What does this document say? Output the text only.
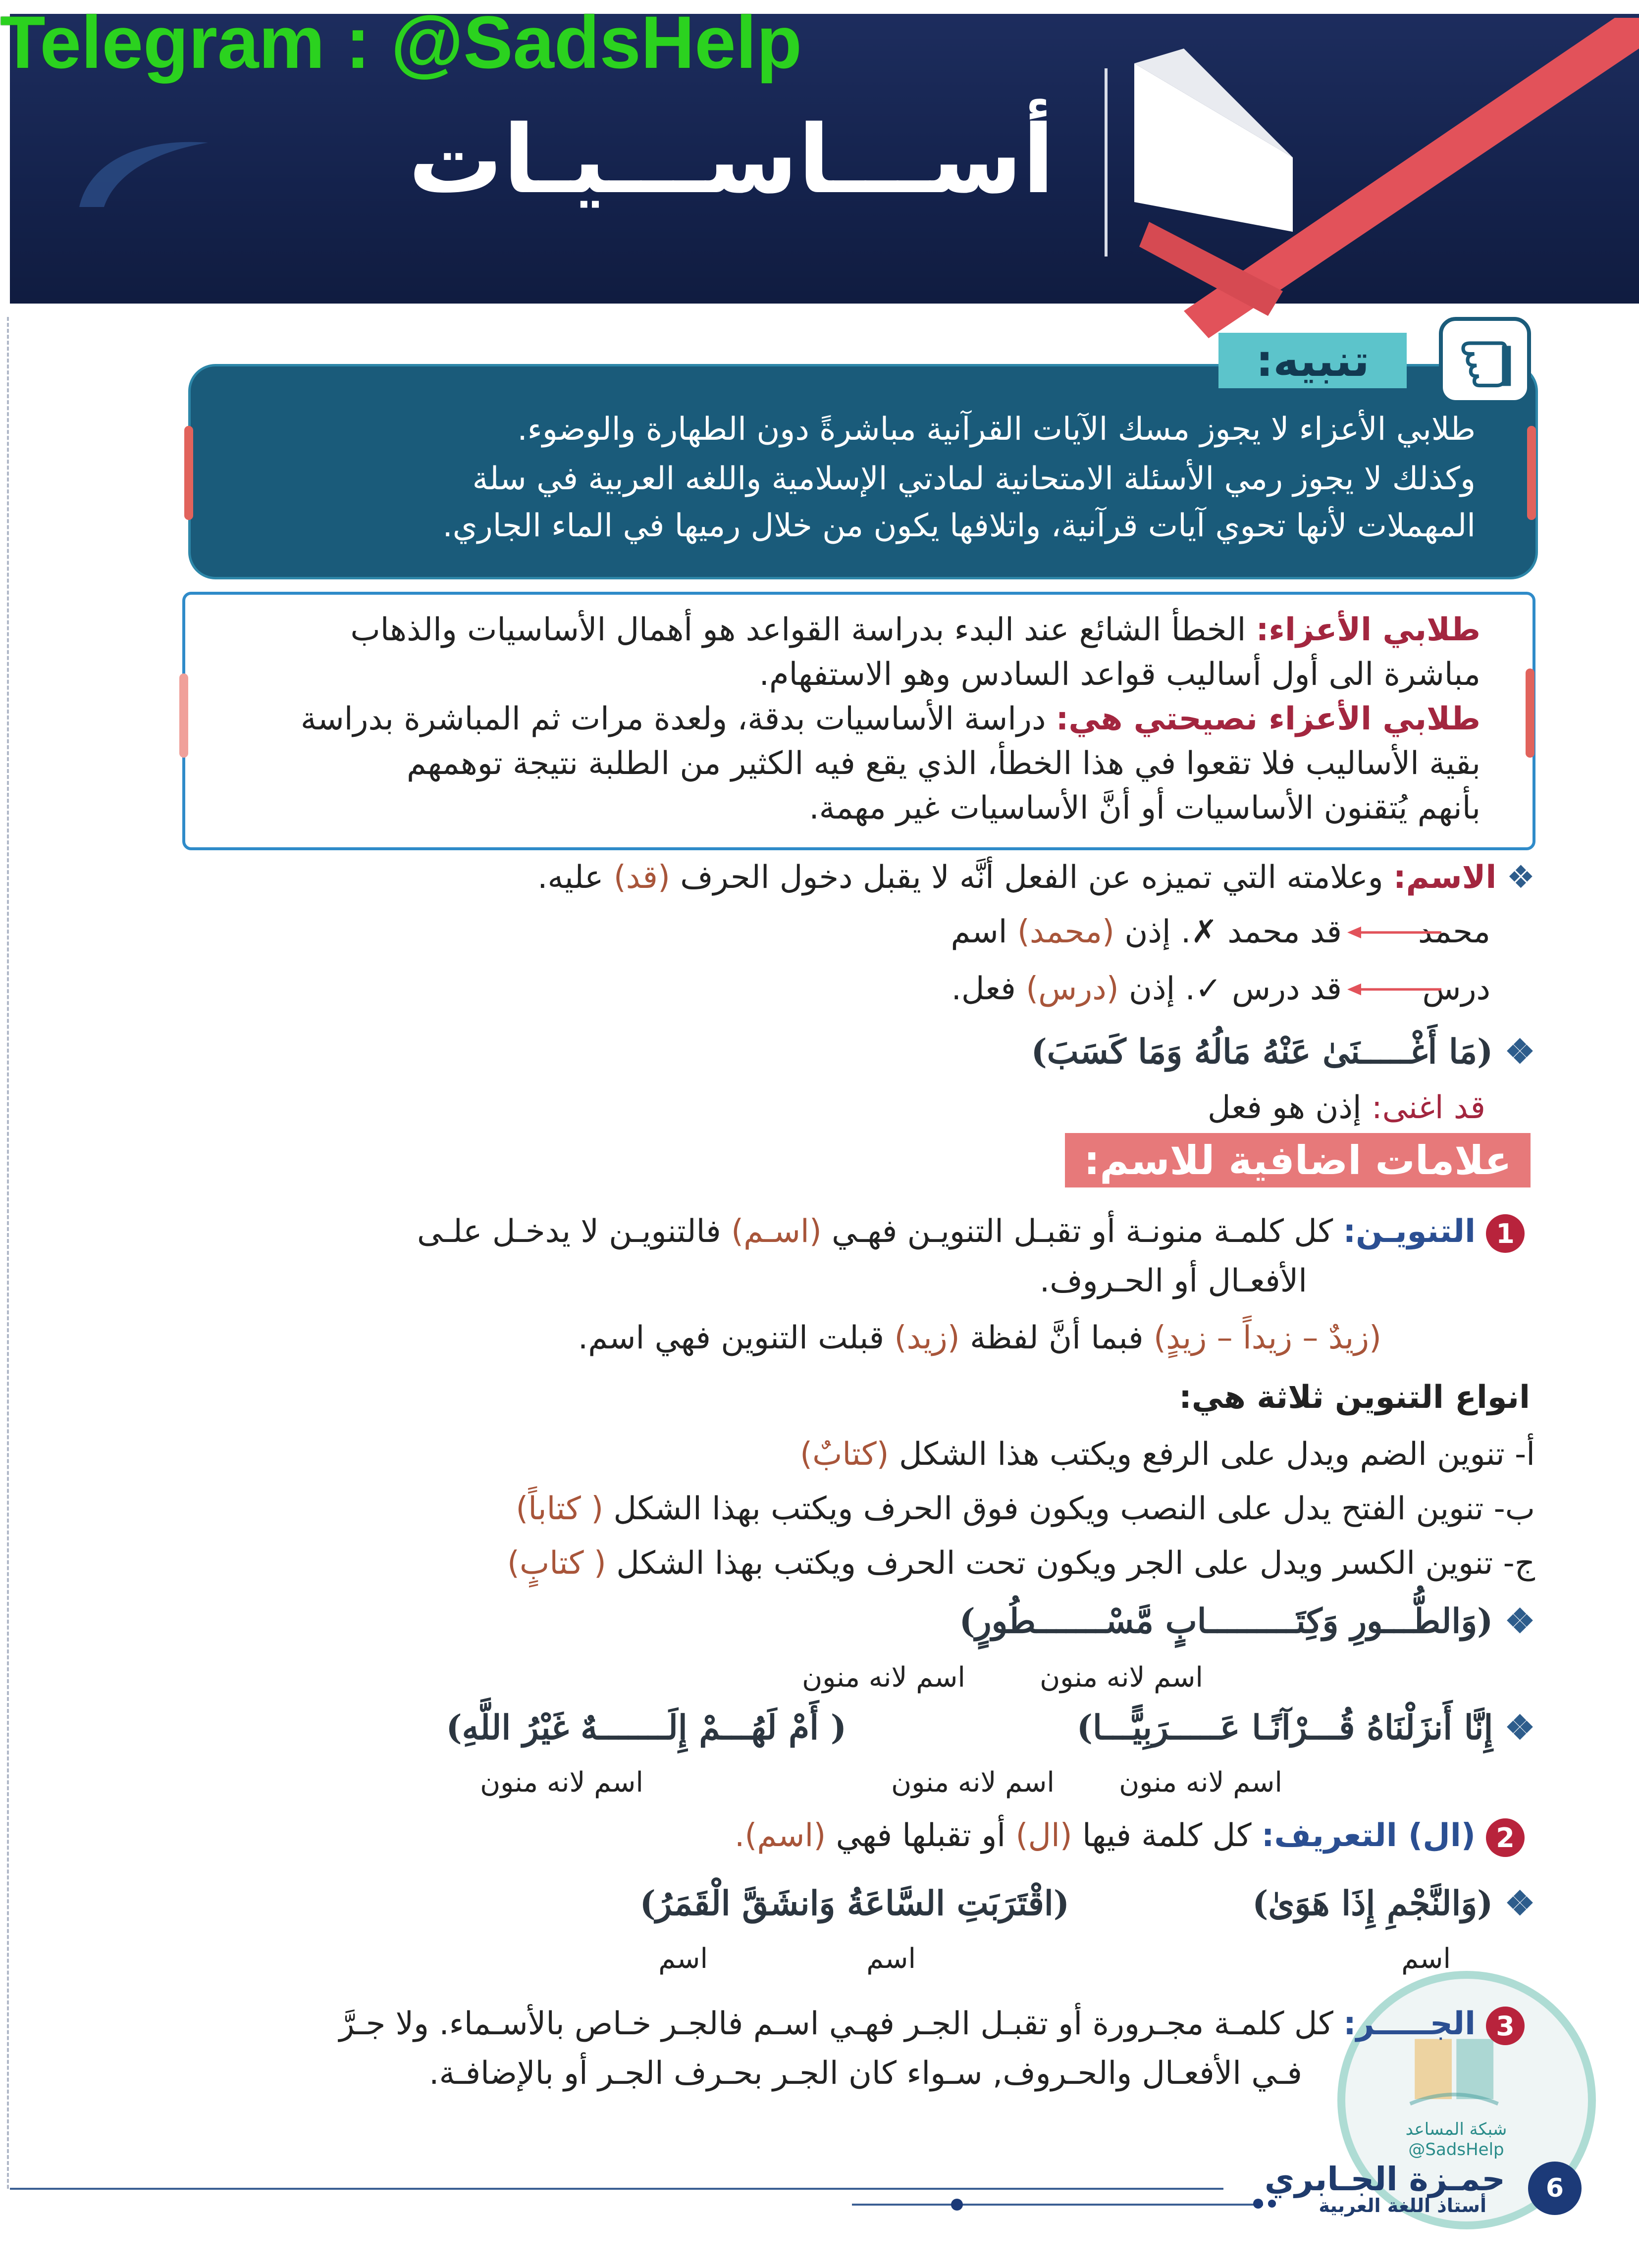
أســـاســـيـات
Telegram : @SadsHelp
تنبيه:
طلابي الأعزاء لا يجوز مسك الآيات القرآنية مباشرةً دون الطهارة والوضوء.
وكذلك لا يجوز رمي الأسئلة الامتحانية لمادتي الإسلامية واللغه العربية في سلة
المهملات لأنها تحوي آيات قرآنية، واتلافها يكون من خلال رميها في الماء الجاري.
طلابي الأعزاء: الخطأ الشائع عند البدء بدراسة القواعد هو أهمال الأساسيات والذهاب
مباشرة الى أول أساليب قواعد السادس وهو الاستفهام.
طلابي الأعزاء نصيحتي هي: دراسة الأساسيات بدقة، ولعدة مرات ثم المباشرة بدراسة
بقية الأساليب فلا تقعوا في هذا الخطأ، الذي يقع فيه الكثير من الطلبة نتيجة توهمهم
بأنهم يُتقنون الأساسيات أو أنَّ الأساسيات غير مهمة.
❖ الاسم: وعلامته التي تميزه عن الفعل أنَّه لا يقبل دخول الحرف (قد) عليه.
محمد
قد محمد ✗. إذن (محمد) اسم
درس
قد درس ✓. إذن (درس) فعل.
❖ (مَا أَغْـــــنَىٰ عَنْهُ مَالُهُ وَمَا كَسَبَ)
قد اغنى: إذن هو فعل
علامات اضافية للاسم:
1
التنويـن: كل كلمـة منونـة أو تقبـل التنويـن فهـي (اسـم) فالتنويـن لا يدخـل علـى
الأفعـال أو الحـروف.
(زيدٌ – زيداً – زيدٍ) فبما أنَّ لفظة (زيد) قبلت التنوين فهي اسم.
انواع التنوين ثلاثة هي:
أ- تنوين الضم ويدل على الرفع ويكتب هذا الشكل (كتابٌ)
ب- تنوين الفتح يدل على النصب ويكون فوق الحرف ويكتب بهذا الشكل ( كتاباً)
ج- تنوين الكسر ويدل على الجر ويكون تحت الحرف ويكتب بهذا الشكل ( كتابٍ)
❖ (وَالطُّـــورِ وَكِتَـــــــــابٍ مَّسْـــــــطُورٍ)
اسم لانه منون
اسم لانه منون
❖ إِنَّا أَنزَلْنَاهُ قُـــرْآنًـا عَـــــرَبِيًّـــا)
( أَمْ لَهُـــمْ إِلَـــــــهٌ غَيْرُ اللَّهِ)
اسم لانه منون
اسم لانه منون
اسم لانه منون
2
(ال) التعريف: كل كلمة فيها (ال) أو تقبلها فهي (اسم).
❖ (وَالنَّجْمِ إِذَا هَوَىٰ)
(اقْتَرَبَتِ السَّاعَةُ وَانشَقَّ الْقَمَرُ)
اسم
اسم
اسم
شبكة المساعد
@SadsHelp
3
الجـــــر: كل كلمـة مجـرورة أو تقبـل الجـر فهـي اسـم فالجـر خـاص بالأسـماء. ولا جـرَّ
فـي الأفعـال والحـروف, سـواء كان الجـر بحـرف الجـر أو بالإضافـة.
حمـزة الجـابري
أستاذ اللغة العربية
6
